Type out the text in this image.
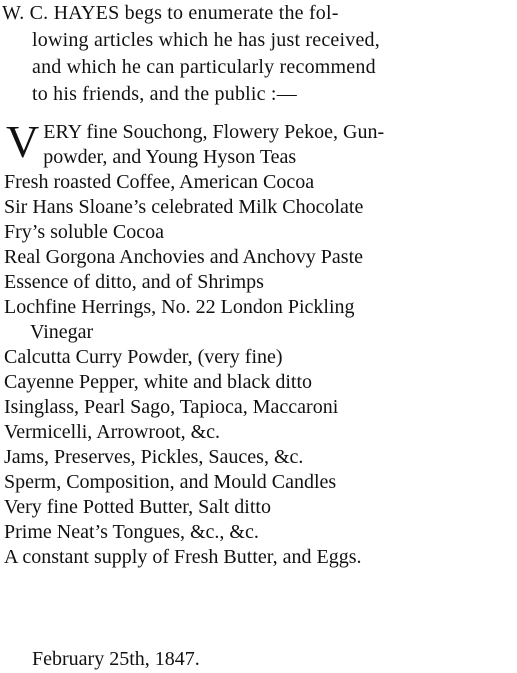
W. C. HAYES begs to enumerate the fol-
lowing articles which he has just received,
and which he can particularly recommend
to his friends, and the public :—
V ERY fine Souchong, Flowery Pekoe, Gun-
powder, and Young Hyson Teas
Fresh roasted Coffee, American Cocoa
Sir Hans Sloane’s celebrated Milk Chocolate
Fry’s soluble Cocoa
Real Gorgona Anchovies and Anchovy Paste
Essence of ditto, and of Shrimps
Lochfine Herrings, No. 22 London Pickling
Vinegar
Calcutta Curry Powder, (very fine)
Cayenne Pepper, white and black ditto
Isinglass, Pearl Sago, Tapioca, Maccaroni
Vermicelli, Arrowroot, &c.
Jams, Preserves, Pickles, Sauces, &c.
Sperm, Composition, and Mould Candles
Very fine Potted Butter, Salt ditto
Prime Neat’s Tongues, &c., &c.
A constant supply of Fresh Butter, and Eggs.
February 25th, 1847.
